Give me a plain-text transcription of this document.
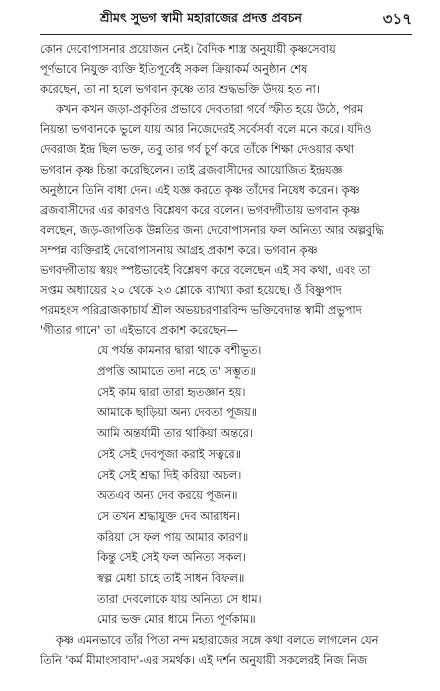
শ্রীমৎ সুভগ স্বামী মহারাজের প্রদত্ত প্রবচন	৩১৭
কোন দেবোপাসনার প্রয়োজন নেই। বৈদিক শাস্ত্র অনুযায়ী কৃষ্ণসেবায়
পূর্ণভাবে নিযুক্ত ব্যক্তি ইতিপূর্বেই সকল ক্রিয়াকর্ম অনুষ্ঠান শেষ
করেছেন, তা না হলে ভগবান কৃষ্ণে তার শুদ্ধভক্তি উদয় হত না।
কখন কখন জড়া-প্রকৃতির প্রভাবে দেবতারা গর্বে স্ফীত হয়ে উঠে, পরম
নিয়ন্তা ভগবানকে ভুলে যায় আর নিজেদেরই সর্বেসর্বা বলে মনে করে। যদিও
দেবরাজ ইন্দ্র ছিল ভক্ত, তবু তার গর্ব চূর্ণ করে তাঁকে শিক্ষা দেওয়ার কথা
ভগবান কৃষ্ণ চিন্তা করেছিলেন। তাই ব্রজবাসীদের আয়োজিত ইন্দ্রযজ্ঞ
অনুষ্ঠানে তিনি বাধা দেন। এই যজ্ঞ করতে কৃষ্ণ তাঁদের নিষেধ করেন। কৃষ্ণ
ব্রজবাসীদের এর কারণও বিশ্লেষণ করে বলেন। ভগবদ্গীতায় ভগবান কৃষ্ণ
বলছেন, জড়-জাগতিক উন্নতির জন্য দেবোপাসনার ফল অনিত্য আর অল্পবুদ্ধি
সম্পন্ন ব্যক্তিরাই দেবোপাসনায় আগ্রহ প্রকাশ করে। ভগবান কৃষ্ণ
ভগবদ্গীতায় স্বয়ং স্পষ্টভাবেই বিশ্লেষণ করে বলেছেন এই সব কথা, এবং তা
সপ্তম অধ্যায়ের ২০ থেকে ২৩ শ্লোকে ব্যাখ্যা করা হয়েছে। ওঁ বিষ্ণুপাদ
পরমহংস পরিব্রাজকাচার্য শ্রীল অভয়চরণারবিন্দ ভক্তিবেদান্ত স্বামী প্রভুপাদ
'গীতার গানে' তা এইভাবে প্রকাশ করেছেন—
যে পর্যন্ত কামনার দ্বারা থাকে বশীভূত।
প্রপত্তি আমাতে তদা নহে ত' সম্ভূত॥
সেই কাম দ্বারা তারা হৃতজ্ঞান হয়।
আমাকে ছাড়িয়া অন্য দেবতা পূজয়॥
আমি অন্তর্যামী তার থাকিয়া অন্তরে।
সেই সেই দেবপূজা করাই সত্বরে॥
সেই সেই শ্রদ্ধা দিই করিয়া অচল।
অতএব অন্য দেব করয়ে পূজন॥
সে তখন শ্রদ্ধাযুক্ত দেব আরাধন।
করিয়া সে ফল পায় আমার কারণ॥
কিন্তু সেই সেই ফল অনিত্য সকল।
স্বল্প মেধা চাহে তাই সাধন বিফল॥
তারা দেবলোকে যায় অনিত্য সে ধাম।
মোর ভক্ত মোর ধামে নিত্য পূর্ণকাম॥
কৃষ্ণ এমনভাবে তাঁর পিতা নন্দ মহারাজের সঙ্গে কথা বলতে লাগলেন যেন
তিনি 'কর্ম মীমাংসাবাদ'-এর সমর্থক। এই দর্শন অনুযায়ী সকলেরই নিজ নিজ
